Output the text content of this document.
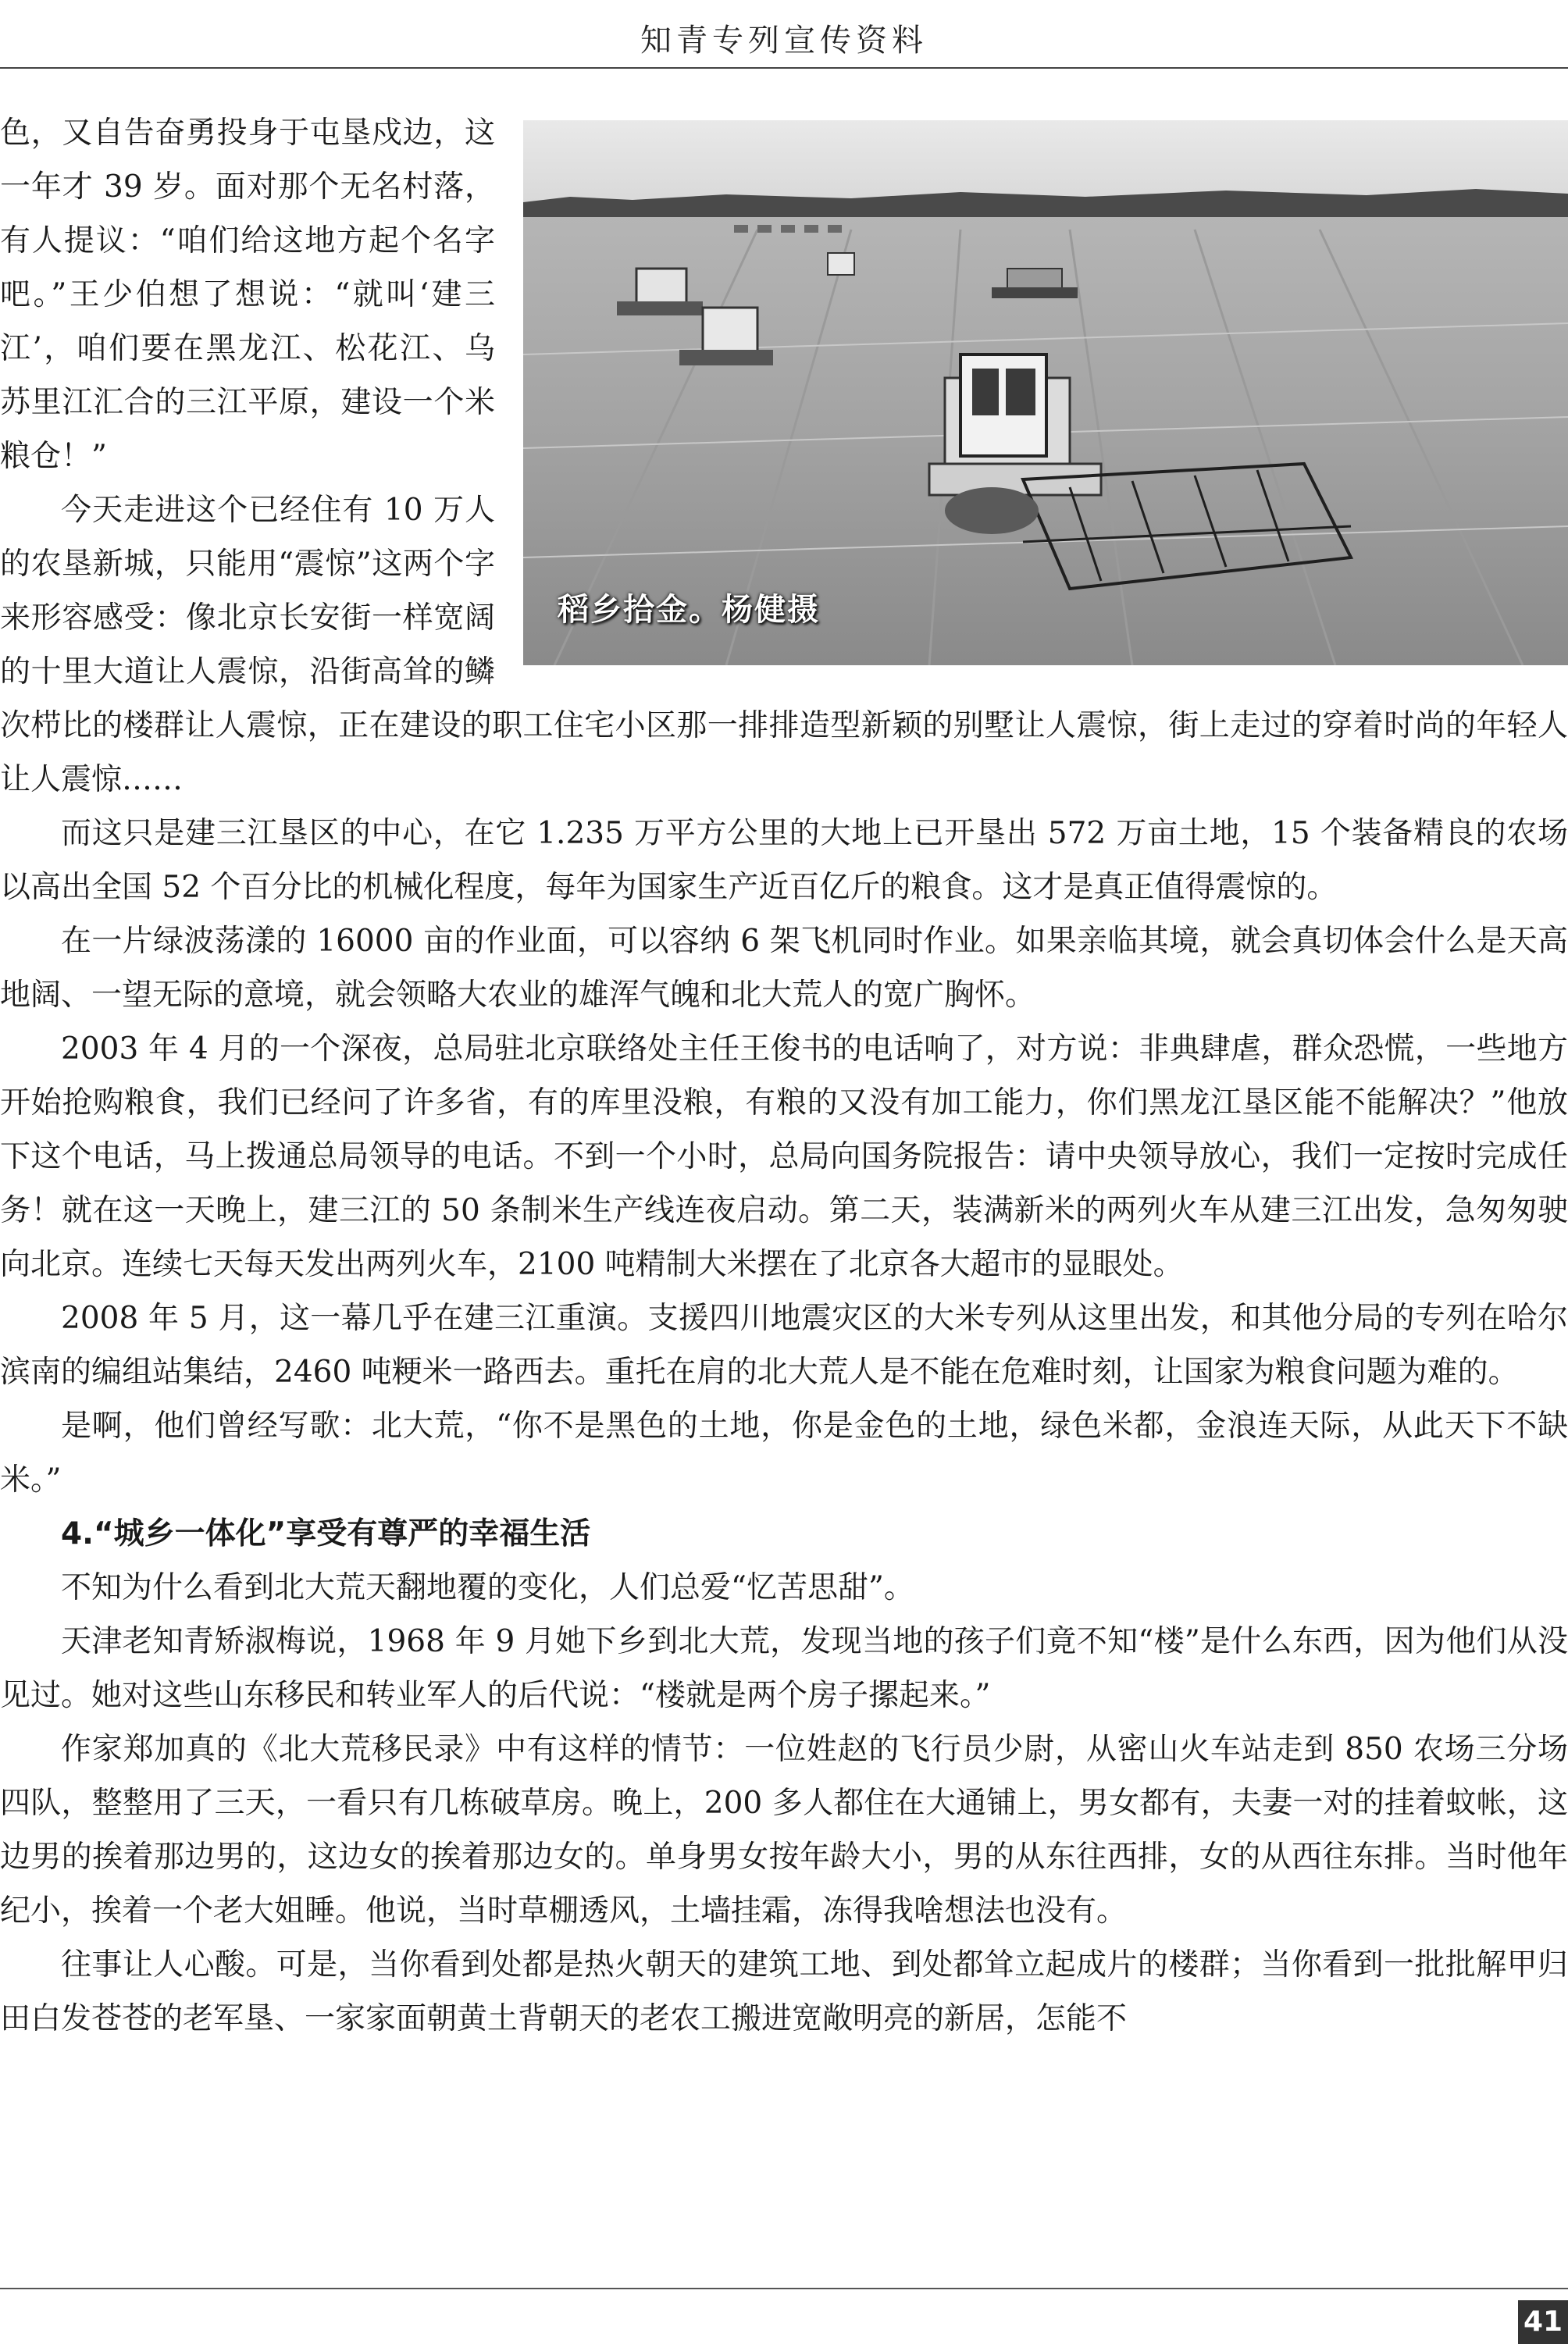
知青专列宣传资料
稻乡拾金。杨健摄

色，又自告奋勇投身于屯垦戍边，这一年才 39 岁。面对那个无名村落，有人提议：“咱们给这地方起个名字吧。”王少伯想了想说：“就叫‘建三江’，咱们要在黑龙江、松花江、乌苏里江汇合的三江平原，建设一个米粮仓！”

今天走进这个已经住有 10 万人的农垦新城，只能用“震惊”这两个字来形容感受：像北京长安街一样宽阔的十里大道让人震惊，沿街高耸的鳞次栉比的楼群让人震惊，正在建设的职工住宅小区那一排排造型新颖的别墅让人震惊，街上走过的穿着时尚的年轻人让人震惊……

而这只是建三江垦区的中心，在它 1.235 万平方公里的大地上已开垦出 572 万亩土地，15 个装备精良的农场以高出全国 52 个百分比的机械化程度，每年为国家生产近百亿斤的粮食。这才是真正值得震惊的。

在一片绿波荡漾的 16000 亩的作业面，可以容纳 6 架飞机同时作业。如果亲临其境，就会真切体会什么是天高地阔、一望无际的意境，就会领略大农业的雄浑气魄和北大荒人的宽广胸怀。

2003 年 4 月的一个深夜，总局驻北京联络处主任王俊书的电话响了，对方说：非典肆虐，群众恐慌，一些地方开始抢购粮食，我们已经问了许多省，有的库里没粮，有粮的又没有加工能力，你们黑龙江垦区能不能解决？”他放下这个电话，马上拨通总局领导的电话。不到一个小时，总局向国务院报告：请中央领导放心，我们一定按时完成任务！就在这一天晚上，建三江的 50 条制米生产线连夜启动。第二天，装满新米的两列火车从建三江出发，急匆匆驶向北京。连续七天每天发出两列火车，2100 吨精制大米摆在了北京各大超市的显眼处。

2008 年 5 月，这一幕几乎在建三江重演。支援四川地震灾区的大米专列从这里出发，和其他分局的专列在哈尔滨南的编组站集结，2460 吨粳米一路西去。重托在肩的北大荒人是不能在危难时刻，让国家为粮食问题为难的。

是啊，他们曾经写歌：北大荒，“你不是黑色的土地，你是金色的土地，绿色米都，金浪连天际，从此天下不缺米。”

4.“城乡一体化”享受有尊严的幸福生活

不知为什么看到北大荒天翻地覆的变化，人们总爱“忆苦思甜”。

天津老知青矫淑梅说，1968 年 9 月她下乡到北大荒，发现当地的孩子们竟不知“楼”是什么东西，因为他们从没见过。她对这些山东移民和转业军人的后代说：“楼就是两个房子摞起来。”

作家郑加真的《北大荒移民录》中有这样的情节：一位姓赵的飞行员少尉，从密山火车站走到 850 农场三分场四队，整整用了三天，一看只有几栋破草房。晚上，200 多人都住在大通铺上，男女都有，夫妻一对的挂着蚊帐，这边男的挨着那边男的，这边女的挨着那边女的。单身男女按年龄大小，男的从东往西排，女的从西往东排。当时他年纪小，挨着一个老大姐睡。他说，当时草棚透风，土墙挂霜，冻得我啥想法也没有。

往事让人心酸。可是，当你看到处都是热火朝天的建筑工地、到处都耸立起成片的楼群；当你看到一批批解甲归田白发苍苍的老军垦、一家家面朝黄土背朝天的老农工搬进宽敞明亮的新居，怎能不

41
